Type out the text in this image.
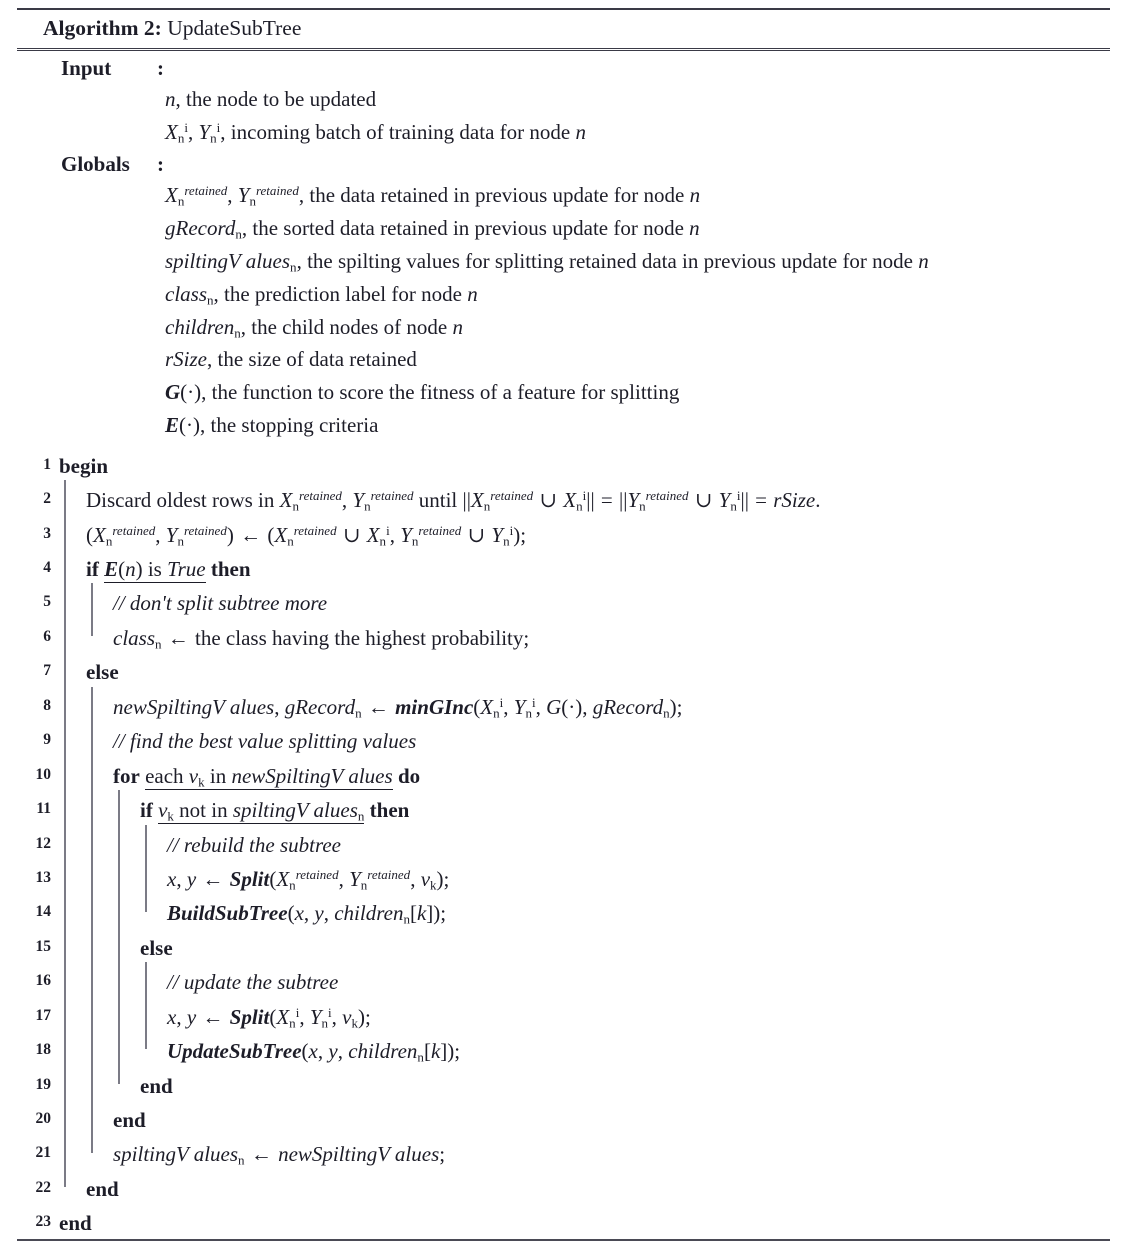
Algorithm 2: UpdateSubTree
Input	:
n, the node to be updated
$X_n^i$, $Y_n^i$, incoming batch of training data for node n
Globals	:
$X_n^{retained}$, $Y_n^{retained}$, the data retained in previous update for node n
gRecord$_n$, the sorted data retained in previous update for node n
spiltingV alues$_n$, the spilting values for splitting retained data in previous update for node n
class$_n$, the prediction label for node n
children$_n$, the child nodes of node n
rSize, the size of data retained
G(·), the function to score the fitness of a feature for splitting
E(·), the stopping criteria
1 begin
2 Discard oldest rows in $X_n^{retained}$, $Y_n^{retained}$ until $||X_n^{retained}$ ∪ $X_n^i|| = ||Y_n^{retained}$ ∪ $Y_n^i||$ = rSize.
3 ($X_n^{retained}$, $Y_n^{retained}$) ← ($X_n^{retained}$ ∪ $X_n^i$, $Y_n^{retained}$ ∪ $Y_n^i$);
4 if E(n) is True then
5	// don't split subtree more
6	class$_n$ ← the class having the highest probability;
7 else
8	newSpiltingV alues, gRecord$_n$ ← $minGInc(X_n^i$, $Y_n^i$, G(·), gRecord$_n$);
9	// find the best value splitting values
10	for each $v_k$ in newSpiltingV alues do
11	if $v_k$ not in spiltingV alues$_n$ then
12	// rebuild the subtree
13	x, y ← $Split(X_n^{retained}$, $Y_n^{retained}$, $v_k$);
14	BuildSubTree(x, y, children$_n$[k]);
15	else
16	// update the subtree
17	x, y ← $Split(X_n^i$, $Y_n^i$, $v_k$);
18	UpdateSubTree(x, y, children$_n$[k]);
19	end
20	end
21	spiltingV alues$_n$ ← newSpiltingV alues;
22 end
23 end
